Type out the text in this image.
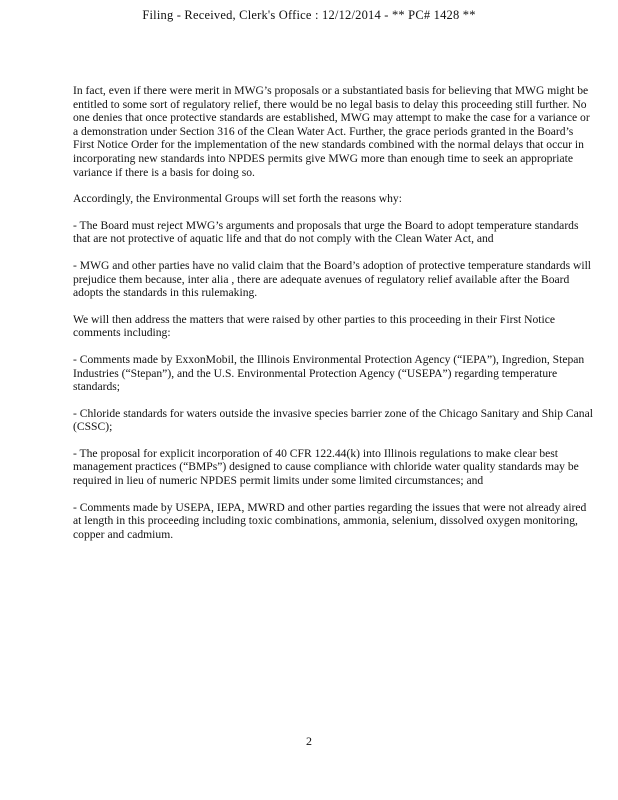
Filing - Received, Clerk's Office : 12/12/2014 - ** PC# 1428 **

In fact, even if there were merit in MWG’s proposals or a substantiated basis for believing that MWG might be entitled to some sort of regulatory relief, there would be no legal basis to delay this proceeding still further. No one denies that once protective standards are established, MWG may attempt to make the case for a variance or a demonstration under Section 316 of the Clean Water Act. Further, the grace periods granted in the Board’s First Notice Order for the implementation of the new standards combined with the normal delays that occur in incorporating new standards into NPDES permits give MWG more than enough time to seek an appropriate variance if there is a basis for doing so.

Accordingly, the Environmental Groups will set forth the reasons why:

- The Board must reject MWG’s arguments and proposals that urge the Board to adopt temperature standards that are not protective of aquatic life and that do not comply with the Clean Water Act, and

- MWG and other parties have no valid claim that the Board’s adoption of protective temperature standards will prejudice them because, inter alia , there are adequate avenues of regulatory relief available after the Board adopts the standards in this rulemaking.

We will then address the matters that were raised by other parties to this proceeding in their First Notice comments including:

- Comments made by ExxonMobil, the Illinois Environmental Protection Agency (“IEPA”), Ingredion, Stepan Industries (“Stepan”), and the U.S. Environmental Protection Agency (“USEPA”) regarding temperature standards;

- Chloride standards for waters outside the invasive species barrier zone of the Chicago Sanitary and Ship Canal (CSSC);

- The proposal for explicit incorporation of 40 CFR 122.44(k) into Illinois regulations to make clear best management practices (“BMPs”) designed to cause compliance with chloride water quality standards may be required in lieu of numeric NPDES permit limits under some limited circumstances; and

- Comments made by USEPA, IEPA, MWRD and other parties regarding the issues that were not already aired at length in this proceeding including toxic combinations, ammonia, selenium, dissolved oxygen monitoring, copper and cadmium.

2
